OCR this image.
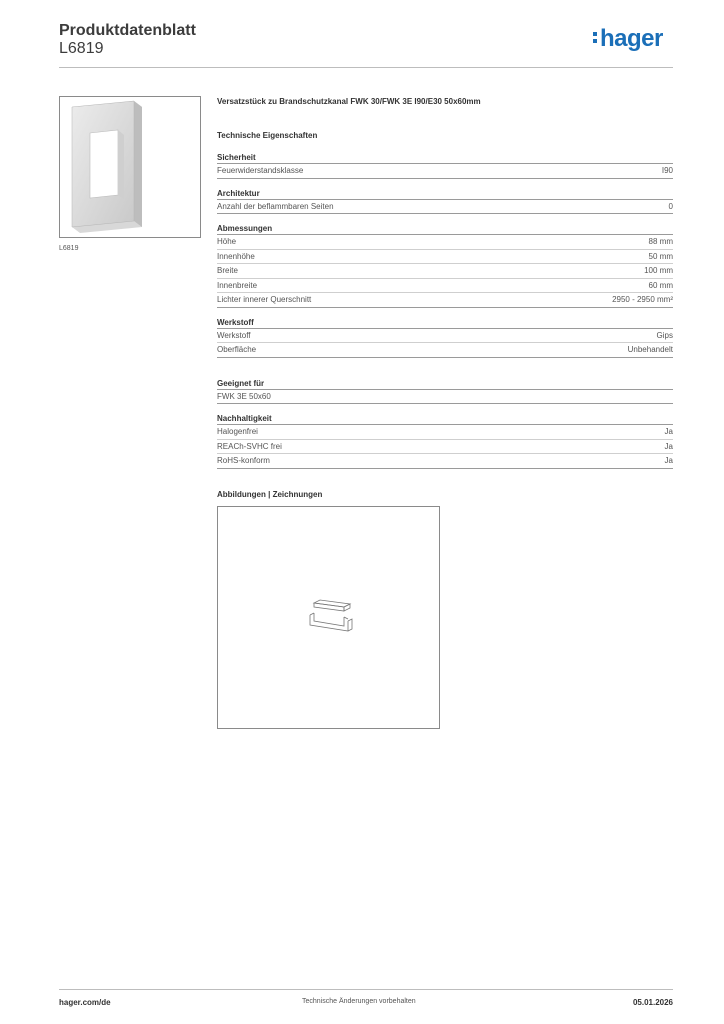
Produktdatenblatt
L6819	hager
L6819
Versatzstück zu Brandschutzkanal FWK 30/FWK 3E I90/E30 50x60mm
Technische Eigenschaften
Sicherheit
Feuerwiderstandsklasse	I90
Architektur
Anzahl der beflammbaren Seiten	0
Abmessungen
Höhe	88 mm
Innenhöhe	50 mm
Breite	100 mm
Innenbreite	60 mm
Lichter innerer Querschnitt	2950 - 2950 mm²
Werkstoff
Werkstoff	Gips
Oberfläche	Unbehandelt
Geeignet für
FWK 3E 50x60
Nachhaltigkeit
Halogenfrei	Ja
REACh-SVHC frei	Ja
RoHS-konform	Ja
Abbildungen | Zeichnungen
hager.com/de	Technische Änderungen vorbehalten	05.01.2026
